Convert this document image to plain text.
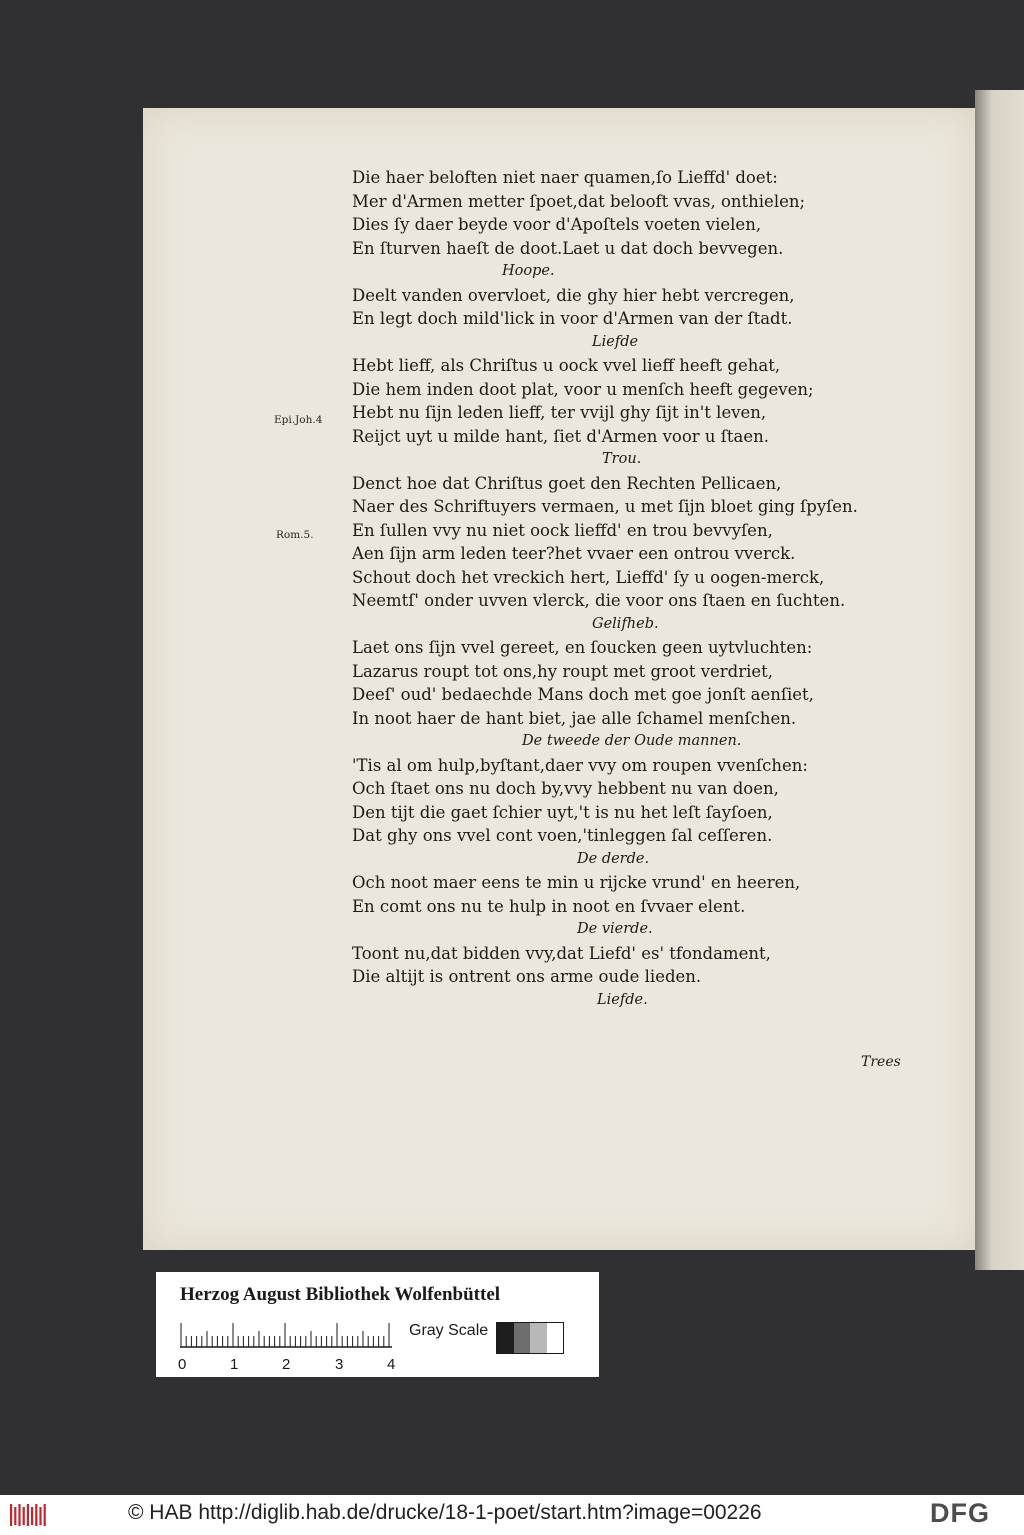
Die haer beloften niet naer quamen,ſo Lieffd' doet:
Mer d'Armen metter ſpoet,dat belooft vvas, onthielen;
Dies ſy daer beyde voor d'Apoſtels voeten vielen,
En ſturven haeſt de doot.Laet u dat doch bevvegen.
Hoope.
Deelt vanden overvloet, die ghy hier hebt vercregen,
En legt doch mild'lick in voor d'Armen van der ſtadt.
Liefde
Hebt lieff, als Chriſtus u oock vvel lieff heeft gehat,
Die hem inden doot plat, voor u menſch heeft gegeven;
Hebt nu ſijn leden lieff, ter vvijl ghy ſijt in't leven,
Reijct uyt u milde hant, ſiet d'Armen voor u ſtaen.
Trou.
Denct hoe dat Chriſtus goet den Rechten Pellicaen,
Naer des Schriftuyers vermaen, u met ſijn bloet ging ſpyſen.
En ſullen vvy nu niet oock lieffd' en trou bevvyſen,
Aen ſijn arm leden teer?het vvaer een ontrou vverck.
Schout doch het vreckich hert, Lieffd' ſy u oogen-merck,
Neemtſ' onder uvven vlerck, die voor ons ſtaen en ſuchten.
Gelifheb.
Laet ons ſijn vvel gereet, en ſoucken geen uytvluchten:
Lazarus roupt tot ons,hy roupt met groot verdriet,
Deeſ' oud' bedaechde Mans doch met goe jonſt aenſiet,
In noot haer de hant biet, jae alle ſchamel menſchen.
De tweede der Oude mannen.
'Tis al om hulp,byſtant,daer vvy om roupen vvenſchen:
Och ſtaet ons nu doch by,vvy hebbent nu van doen,
Den tijt die gaet ſchier uyt,'t is nu het leſt ſayſoen,
Dat ghy ons vvel cont voen,'tinleggen ſal ceſſeren.
De derde.
Och noot maer eens te min u rijcke vrund' en heeren,
En comt ons nu te hulp in noot en ſvvaer elent.
De vierde.
Toont nu,dat bidden vvy,dat Liefd' es' tfondament,
Die altijt is ontrent ons arme oude lieden.
Liefde.
Epi.Joh.4
Rom.5.
Trees
Herzog August Bibliothek Wolfenbüttel
0	1	2	3	4
Gray Scale
© HAB http://diglib.hab.de/drucke/18-1-poet/start.htm?image=00226	DFG
